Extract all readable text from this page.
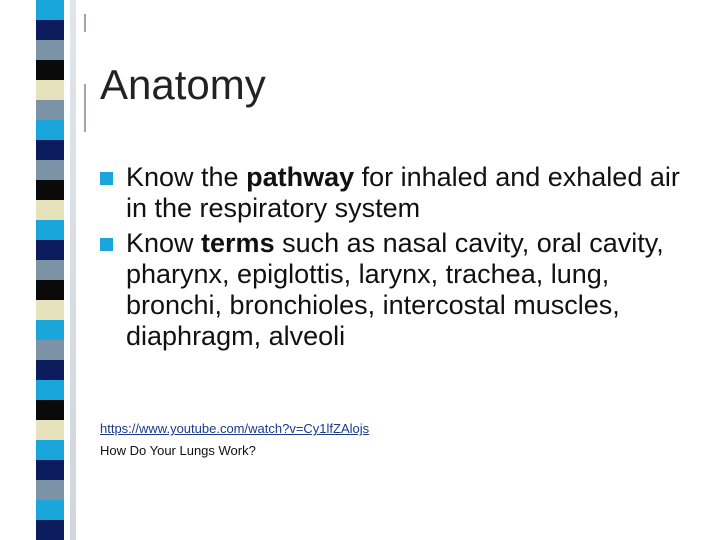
Anatomy
Know the pathway for inhaled and exhaled air in the respiratory system
Know terms such as nasal cavity, oral cavity, pharynx, epiglottis, larynx, trachea, lung, bronchi, bronchioles, intercostal muscles, diaphragm, alveoli
https://www.youtube.com/watch?v=Cy1lfZAlojs
How Do Your Lungs Work?
